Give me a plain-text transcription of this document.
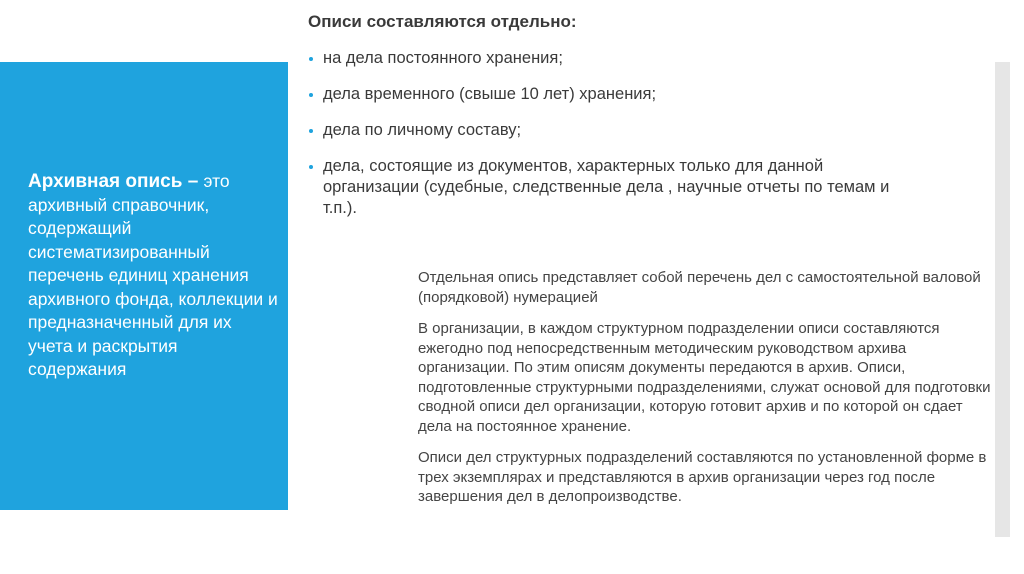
Архивная опись – это архивный справочник, содержащий систематизированный перечень единиц хранения архивного фонда, коллекции и предназначенный для их учета и раскрытия содержания
Описи составляются отдельно:
на дела постоянного хранения;
дела временного (свыше 10 лет) хранения;
дела по личному составу;
дела, состоящие из документов, характерных только для данной организации (судебные, следственные дела , научные отчеты по темам и т.п.).

Отдельная опись представляет собой перечень дел с самостоятельной валовой (порядковой) нумерацией

В организации, в каждом структурном подразделении описи составляются ежегодно под непосредственным методическим руководством архива организации. По этим описям документы передаются в архив. Описи, подготовленные структурными подразделениями, служат основой для подготовки сводной описи дел организации, которую готовит архив и по которой он сдает дела на постоянное хранение.

Описи дел структурных подразделений составляются по установленной форме в трех экземплярах и представляются в архив организации через год после завершения дел в делопроизводстве.
